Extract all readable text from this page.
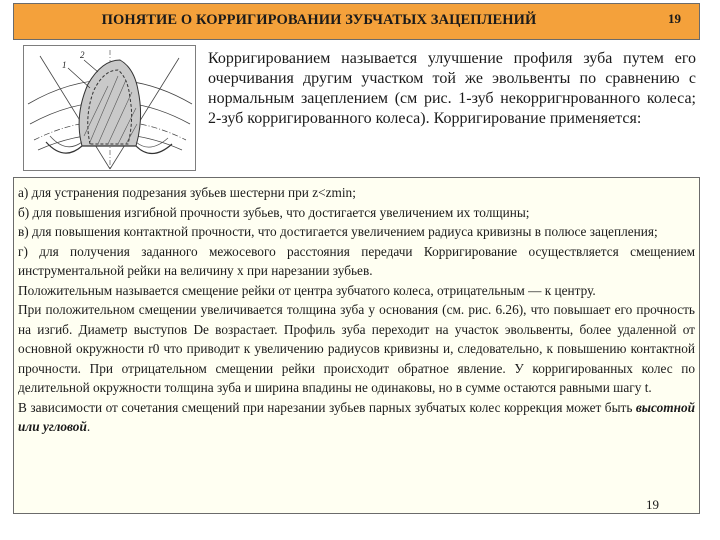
ПОНЯТИЕ О КОРРИГИРОВАНИИ ЗУБЧАТЫХ ЗАЦЕПЛЕНИЙ	19
1
2	Корригированием называется улучшение профиля зуба путем его очерчивания другим участком той же эвольвенты по сравнению с нормальным зацеплением (см рис. 1-зуб некорригнрованного колеса; 2-зуб корригированного колеса). Корригирование применяется:

а) для устранения подрезания зубьев шестерни при z<zmin;

б) для повышения изгибной прочности зубьев, что достигается увеличением их толщины;

в) для повышения контактной прочности, что достигается увеличением радиуса кривизны в полюсе зацепления;

г) для получения заданного межосевого расстояния передачи Корригирование осуществляется смещением инструментальной рейки на величину х при нарезании зубьев.

Положительным называется смещение рейки от центра зубчатого колеса, отрицательным — к центру.

При положительном смещении увеличивается толщина зуба у основания (см. рис. 6.26), что повышает его прочность на изгиб. Диаметр выступов De возрастает. Профиль зуба переходит на участок эвольвенты, более удаленной от основной окружности r0 что приводит к увеличению радиусов кривизны и, следовательно, к повышению контактной прочности. При отрицательном смещении рейки происходит обратное явление. У корригированных колес по делительной окружности толщина зуба и ширина впадины не одинаковы, но в сумме остаются равными шагу t.

В зависимости от сочетания смещений при нарезании зубьев парных зубчатых колес коррекция может быть высотной или угловой.

19
